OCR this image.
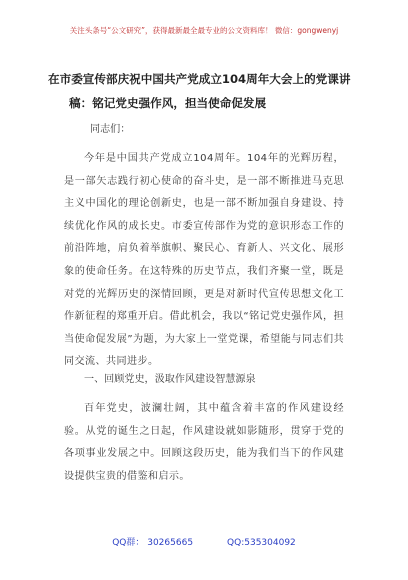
关注头条号“公文研究”，获得最新最全最专业的公文资料库！ 微信：gongwenyj
在市委宣传部庆祝中国共产党成立104周年大会上的党课讲
稿：铭记党史强作风，担当使命促发展
同志们：
今年是中国共产党成立104周年。104年的光辉历程，是一部矢志践行初心使命的奋斗史，是一部不断推进马克思主义中国化的理论创新史，也是一部不断加强自身建设、持续优化作风的成长史。市委宣传部作为党的意识形态工作的前沿阵地，肩负着举旗帜、聚民心、育新人、兴文化、展形象的使命任务。在这特殊的历史节点，我们齐聚一堂，既是对党的光辉历史的深情回顾，更是对新时代宣传思想文化工作新征程的郑重开启。借此机会，我以“铭记党史强作风，担当使命促发展”为题，为大家上一堂党课，希望能与同志们共同交流、共同进步。
一、回顾党史，汲取作风建设智慧源泉
百年党史，波澜壮阔，其中蕴含着丰富的作风建设经验。从党的诞生之日起，作风建设就如影随形，贯穿于党的各项事业发展之中。回顾这段历史，能为我们当下的作风建设提供宝贵的借鉴和启示。
QQ群： 30265665	QQ:535304092
